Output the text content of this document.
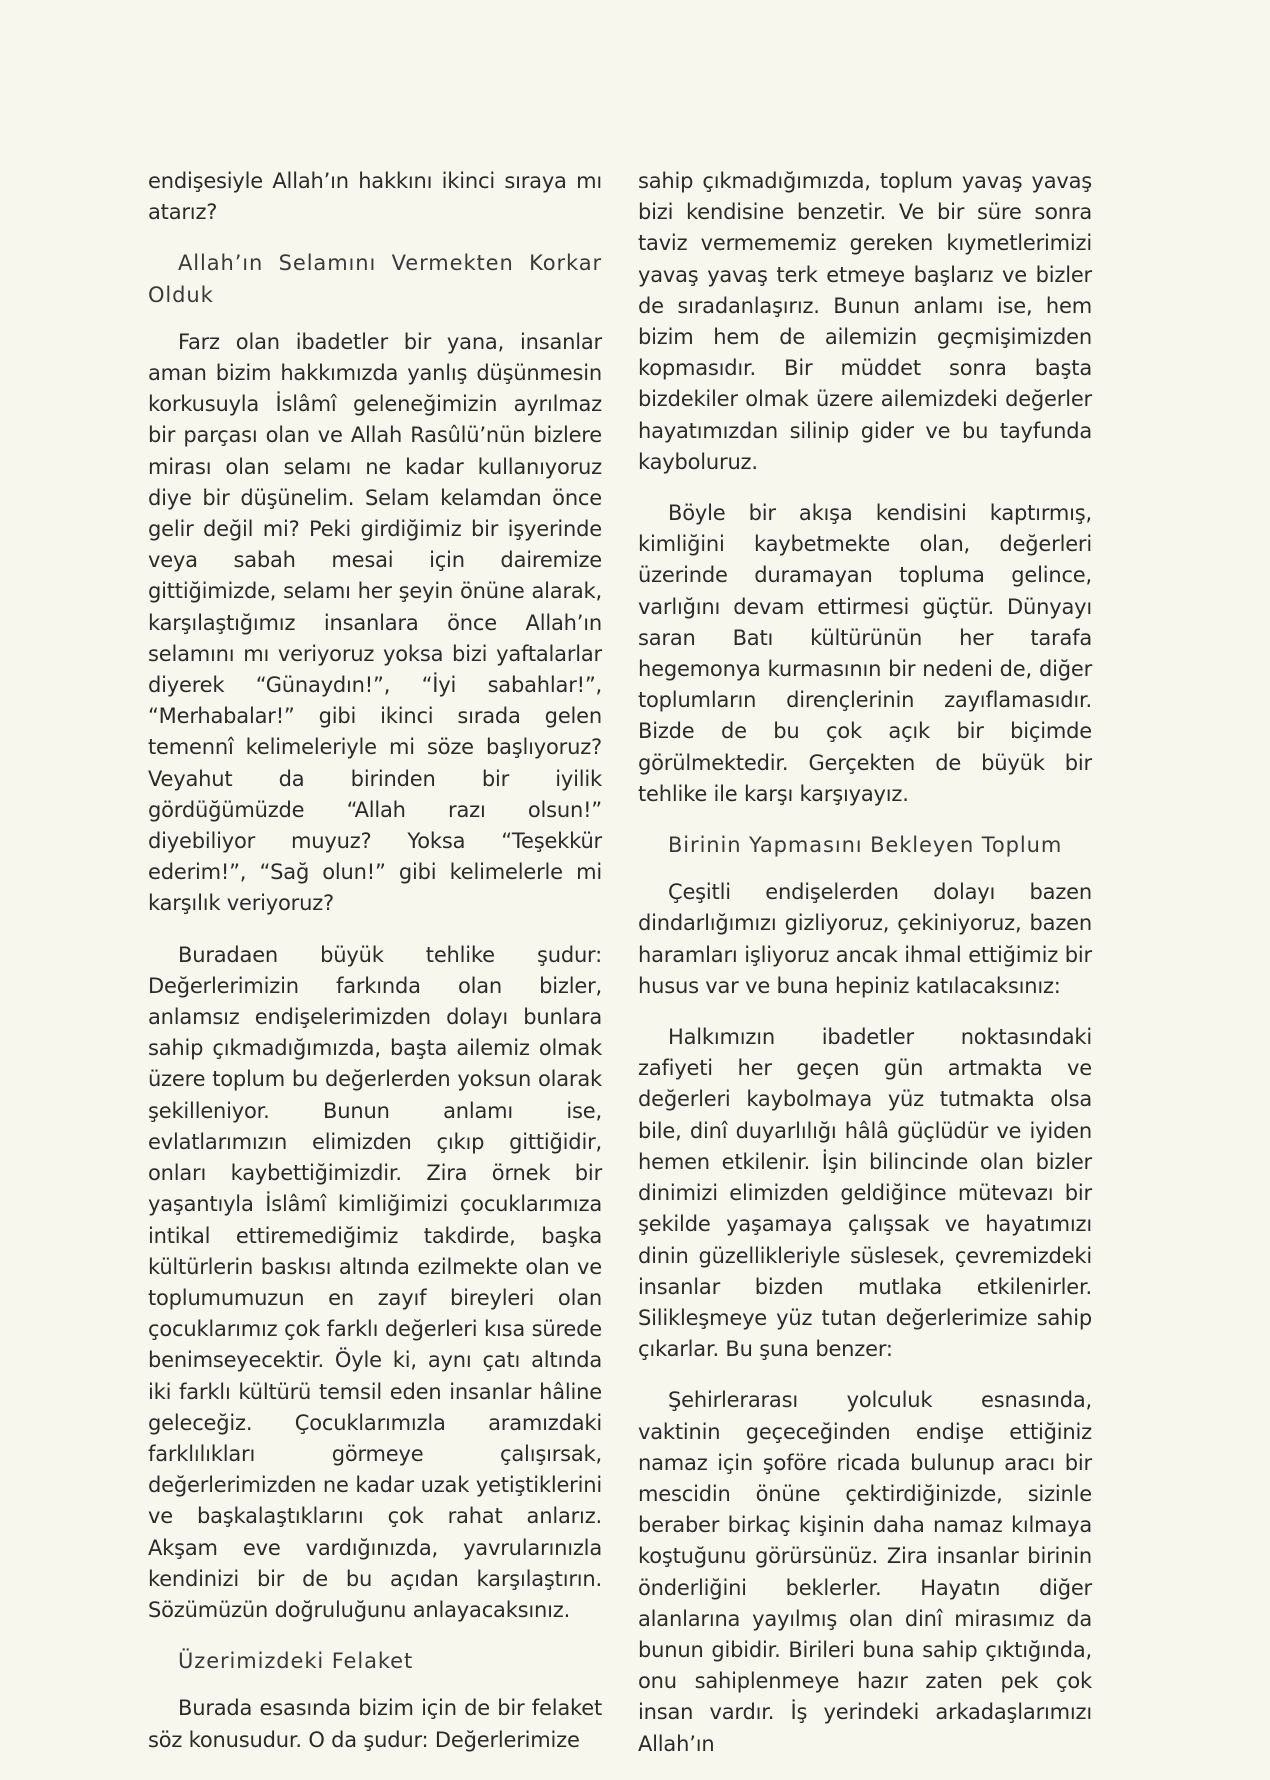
endişesiyle Allah’ın hakkını ikinci sıraya mı atarız?

Allah’ın Selamını Vermekten Korkar Olduk

Farz olan ibadetler bir yana, insanlar aman bizim hakkımızda yanlış düşünmesin korkusuyla İslâmî geleneğimizin ayrılmaz bir parçası olan ve Allah Rasûlü’nün bizlere mirası olan selamı ne kadar kullanıyoruz diye bir düşünelim. Selam kelamdan önce gelir değil mi? Peki girdiğimiz bir işyerinde veya sabah mesai için dairemize gittiğimizde, selamı her şeyin önüne alarak, karşılaştığımız insanlara önce Allah’ın selamını mı veriyoruz yoksa bizi yaftalarlar diyerek “Günaydın!”, “İyi sabahlar!”, “Merhabalar!” gibi ikinci sırada gelen temennî kelimeleriyle mi söze başlıyoruz? Veyahut da birinden bir iyilik gördüğümüzde “Allah razı olsun!” diyebiliyor muyuz? Yoksa “Teşekkür ederim!”, “Sağ olun!” gibi kelimelerle mi karşılık veriyoruz?

Buradaen büyük tehlike şudur: Değerlerimizin farkında olan bizler, anlamsız endişelerimizden dolayı bunlara sahip çıkmadığımızda, başta ailemiz olmak üzere toplum bu değerlerden yoksun olarak şekilleniyor. Bunun anlamı ise, evlatlarımızın elimizden çıkıp gittiğidir, onları kaybettiğimizdir. Zira örnek bir yaşantıyla İslâmî kimliğimizi çocuklarımıza intikal ettiremediğimiz takdirde, başka kültürlerin baskısı altında ezilmekte olan ve toplumumuzun en zayıf bireyleri olan çocuklarımız çok farklı değerleri kısa sürede benimseyecektir. Öyle ki, aynı çatı altında iki farklı kültürü temsil eden insanlar hâline geleceğiz. Çocuklarımızla aramızdaki farklılıkları görmeye çalışırsak, değerlerimizden ne kadar uzak yetiştiklerini ve başkalaştıklarını çok rahat anlarız. Akşam eve vardığınızda, yavrularınızla kendinizi bir de bu açıdan karşılaştırın. Sözümüzün doğruluğunu anlayacaksınız.

Üzerimizdeki Felaket

Burada esasında bizim için de bir felaket söz konusudur. O da şudur: Değerlerimize

sahip çıkmadığımızda, toplum yavaş yavaş bizi kendisine benzetir. Ve bir süre sonra taviz vermememiz gereken kıymetlerimizi yavaş yavaş terk etmeye başlarız ve bizler de sıradanlaşırız. Bunun anlamı ise, hem bizim hem de ailemizin geçmişimizden kopmasıdır. Bir müddet sonra başta bizdekiler olmak üzere ailemizdeki değerler hayatımızdan silinip gider ve bu tayfunda kayboluruz.

Böyle bir akışa kendisini kaptırmış, kimliğini kaybetmekte olan, değerleri üzerinde duramayan topluma gelince, varlığını devam ettirmesi güçtür. Dünyayı saran Batı kültürünün her tarafa hegemonya kurmasının bir nedeni de, diğer toplumların dirençlerinin zayıflamasıdır. Bizde de bu çok açık bir biçimde görülmektedir. Gerçekten de büyük bir tehlike ile karşı karşıyayız.

Birinin Yapmasını Bekleyen Toplum

Çeşitli endişelerden dolayı bazen dindarlığımızı gizliyoruz, çekiniyoruz, bazen haramları işliyoruz ancak ihmal ettiğimiz bir husus var ve buna hepiniz katılacaksınız:

Halkımızın ibadetler noktasındaki zafiyeti her geçen gün artmakta ve değerleri kaybolmaya yüz tutmakta olsa bile, dinî duyarlılığı hâlâ güçlüdür ve iyiden hemen etkilenir. İşin bilincinde olan bizler dinimizi elimizden geldiğince mütevazı bir şekilde yaşamaya çalışsak ve hayatımızı dinin güzellikleriyle süslesek, çevremizdeki insanlar bizden mutlaka etkilenirler. Silikleşmeye yüz tutan değerlerimize sahip çıkarlar. Bu şuna benzer:

Şehirlerarası yolculuk esnasında, vaktinin geçeceğinden endişe ettiğiniz namaz için şoföre ricada bulunup aracı bir mescidin önüne çektirdiğinizde, sizinle beraber birkaç kişinin daha namaz kılmaya koştuğunu görürsünüz. Zira insanlar birinin önderliğini beklerler. Hayatın diğer alanlarına yayılmış olan dinî mirasımız da bunun gibidir. Birileri buna sahip çıktığında, onu sahiplenmeye hazır zaten pek çok insan vardır. İş yerindeki arkadaşlarımızı Allah’ın
